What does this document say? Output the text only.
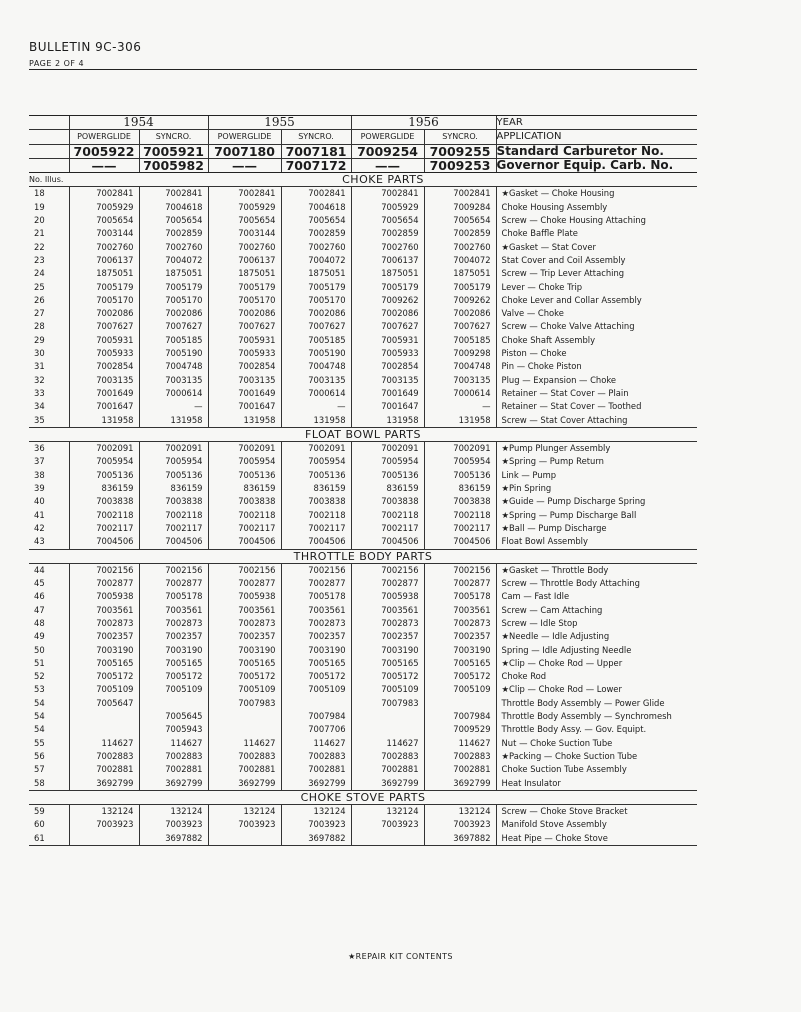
BULLETIN 9C-306
PAGE 2 OF 4
	1954		1955		1956		YEAR
	POWERGLIDE	SYNCRO.	POWERGLIDE	SYNCRO.	POWERGLIDE	SYNCRO.	APPLICATION
	7005922	7005921	7007180	7007181	7009254	7009255	Standard Carburetor No.
	——	7005982	——	7007172	——	7009253	Governor Equip. Carb. No.
No. Illus.	CHOKE PARTS						
18	7002841	7002841	7002841	7002841	7002841	7002841	★Gasket — Choke Housing
19	7005929	7004618	7005929	7004618	7005929	7009284	Choke Housing Assembly
20	7005654	7005654	7005654	7005654	7005654	7005654	Screw — Choke Housing Attaching
21	7003144	7002859	7003144	7002859	7002859	7002859	Choke Baffle Plate
22	7002760	7002760	7002760	7002760	7002760	7002760	★Gasket — Stat Cover
23	7006137	7004072	7006137	7004072	7006137	7004072	Stat Cover and Coil Assembly
24	1875051	1875051	1875051	1875051	1875051	1875051	Screw — Trip Lever Attaching
25	7005179	7005179	7005179	7005179	7005179	7005179	Lever — Choke Trip
26	7005170	7005170	7005170	7005170	7009262	7009262	Choke Lever and Collar Assembly
27	7002086	7002086	7002086	7002086	7002086	7002086	Valve — Choke
28	7007627	7007627	7007627	7007627	7007627	7007627	Screw — Choke Valve Attaching
29	7005931	7005185	7005931	7005185	7005931	7005185	Choke Shaft Assembly
30	7005933	7005190	7005933	7005190	7005933	7009298	Piston — Choke
31	7002854	7004748	7002854	7004748	7002854	7004748	Pin — Choke Piston
32	7003135	7003135	7003135	7003135	7003135	7003135	Plug — Expansion — Choke
33	7001649	7000614	7001649	7000614	7001649	7000614	Retainer — Stat Cover — Plain
34	7001647	—	7001647	—	7001647	—	Retainer — Stat Cover — Toothed
35	131958	131958	131958	131958	131958	131958	Screw — Stat Cover Attaching
FLOAT BOWL PARTS							
36	7002091	7002091	7002091	7002091	7002091	7002091	★Pump Plunger Assembly
37	7005954	7005954	7005954	7005954	7005954	7005954	★Spring — Pump Return
38	7005136	7005136	7005136	7005136	7005136	7005136	Link — Pump
39	836159	836159	836159	836159	836159	836159	★Pin Spring
40	7003838	7003838	7003838	7003838	7003838	7003838	★Guide — Pump Discharge Spring
41	7002118	7002118	7002118	7002118	7002118	7002118	★Spring — Pump Discharge Ball
42	7002117	7002117	7002117	7002117	7002117	7002117	★Ball — Pump Discharge
43	7004506	7004506	7004506	7004506	7004506	7004506	Float Bowl Assembly
THROTTLE BODY PARTS							
44	7002156	7002156	7002156	7002156	7002156	7002156	★Gasket — Throttle Body
45	7002877	7002877	7002877	7002877	7002877	7002877	Screw — Throttle Body Attaching
46	7005938	7005178	7005938	7005178	7005938	7005178	Cam — Fast Idle
47	7003561	7003561	7003561	7003561	7003561	7003561	Screw — Cam Attaching
48	7002873	7002873	7002873	7002873	7002873	7002873	Screw — Idle Stop
49	7002357	7002357	7002357	7002357	7002357	7002357	★Needle — Idle Adjusting
50	7003190	7003190	7003190	7003190	7003190	7003190	Spring — Idle Adjusting Needle
51	7005165	7005165	7005165	7005165	7005165	7005165	★Clip — Choke Rod — Upper
52	7005172	7005172	7005172	7005172	7005172	7005172	Choke Rod
53	7005109	7005109	7005109	7005109	7005109	7005109	★Clip — Choke Rod — Lower
54	7005647		7007983		7007983		Throttle Body Assembly — Power Glide
54		7005645		7007984		7007984	Throttle Body Assembly — Synchromesh
54		7005943		7007706		7009529	Throttle Body Assy. — Gov. Equipt.
55	114627	114627	114627	114627	114627	114627	Nut — Choke Suction Tube
56	7002883	7002883	7002883	7002883	7002883	7002883	★Packing — Choke Suction Tube
57	7002881	7002881	7002881	7002881	7002881	7002881	Choke Suction Tube Assembly
58	3692799	3692799	3692799	3692799	3692799	3692799	Heat Insulator
CHOKE STOVE PARTS							
59	132124	132124	132124	132124	132124	132124	Screw — Choke Stove Bracket
60	7003923	7003923	7003923	7003923	7003923	7003923	Manifold Stove Assembly
61		3697882		3697882		3697882	Heat Pipe — Choke Stove
★REPAIR KIT CONTENTS
